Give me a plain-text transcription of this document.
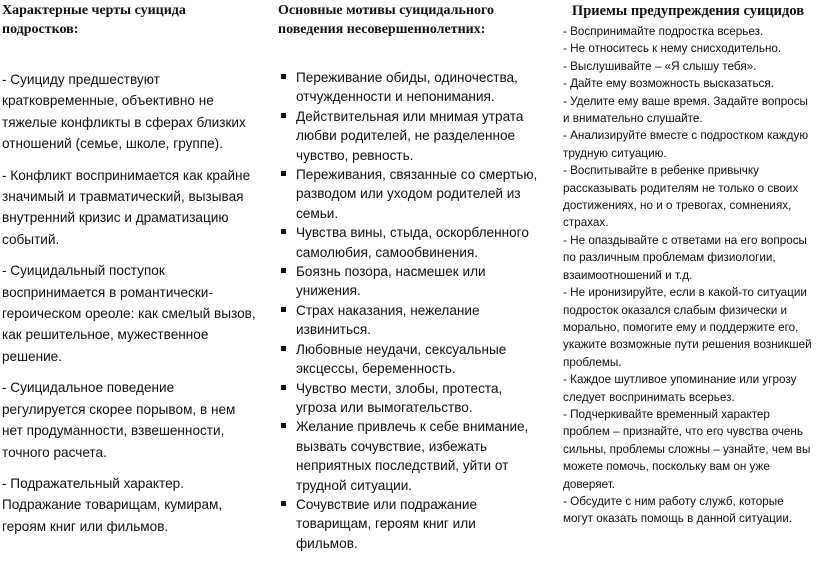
Характерные черты суицида подростков:

- Суициду предшествуют кратковременные, объективно не тяжелые конфликты в сферах близких отношений (семье, школе, группе).

- Конфликт воспринимается как крайне значимый и травматический, вызывая внутренний кризис и драматизацию событий.

- Суицидальный поступок воспринимается в романтически-героическом ореоле: как смелый вызов, как решительное, мужественное решение.

- Суицидальное поведение регулируется скорее порывом, в нем нет продуманности, взвешенности, точного расчета.

- Подражательный характер. Подражание товарищам, кумирам, героям книг или фильмов.

Основные мотивы суицидального поведения несовершеннолетних:
Переживание обиды, одиночества, отчужденности и непонимания.
Действительная или мнимая утрата любви родителей, не разделенное чувство, ревность.
Переживания, связанные со смертью, разводом или уходом родителей из семьи.
Чувства вины, стыда, оскорбленного самолюбия, самообвинения.
Боязнь позора, насмешек или унижения.
Страх наказания, нежелание извиниться.
Любовные неудачи, сексуальные эксцессы, беременность.
Чувство мести, злобы, протеста, угроза или вымогательство.
Желание привлечь к себе внимание, вызвать сочувствие, избежать неприятных последствий, уйти от трудной ситуации.
Сочувствие или подражание товарищам, героям книг или фильмов.
Приемы предупреждения суицидов

- Воспринимайте подростка всерьез.

- Не относитесь к нему снисходительно.

- Выслушивайте – «Я слышу тебя».

- Дайте ему возможность высказаться.

- Уделите ему ваше время. Задайте вопросы и внимательно слушайте.

- Анализируйте вместе с подростком каждую трудную ситуацию.

- Воспитывайте в ребенке привычку рассказывать родителям не только о своих достижениях, но и о тревогах, сомнениях, страхах.

- Не опаздывайте с ответами на его вопросы по различным проблемам физиологии, взаимоотношений и т.д.

- Не иронизируйте, если в какой-то ситуации подросток оказался слабым физически и морально, помогите ему и поддержите его, укажите возможные пути решения возникшей проблемы.

- Каждое шутливое упоминание или угрозу следует воспринимать всерьез.

- Подчеркивайте временный характер проблем – признайте, что его чувства очень сильны, проблемы сложны – узнайте, чем вы можете помочь, поскольку вам он уже доверяет.

- Обсудите с ним работу служб, которые могут оказать помощь в данной ситуации.
